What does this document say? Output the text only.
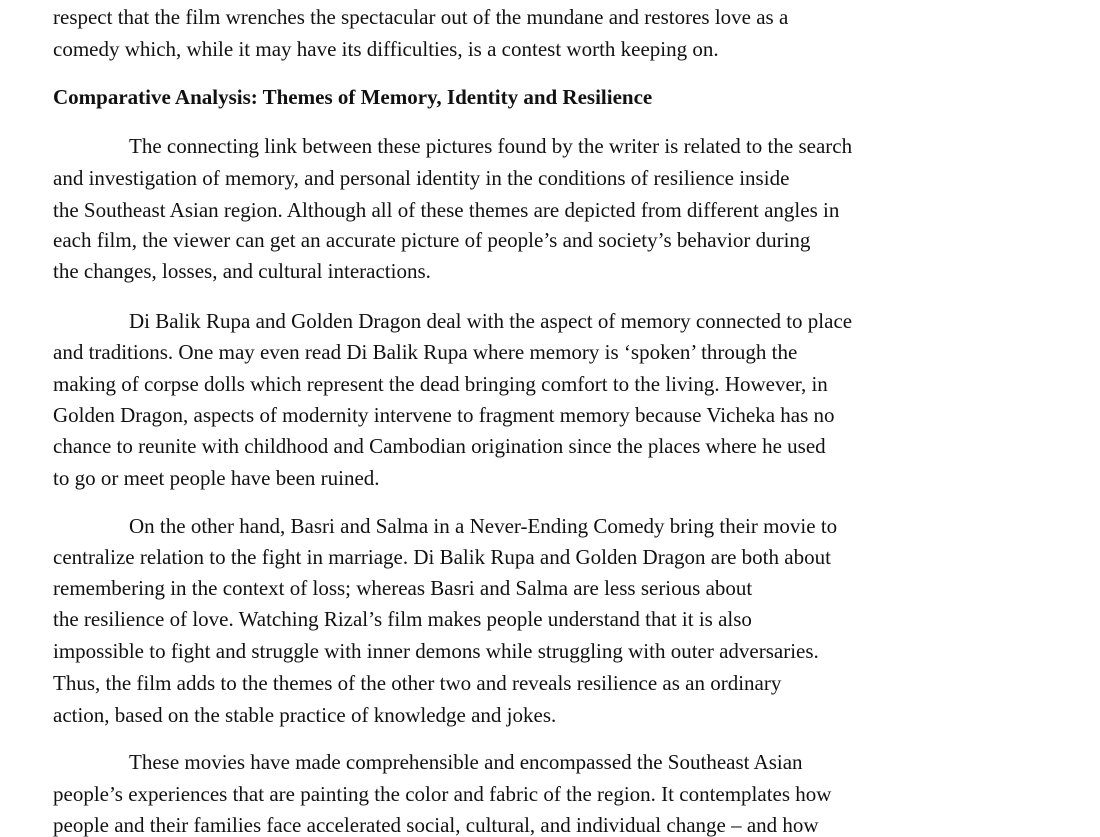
respect that the film wrenches the spectacular out of the mundane and restores love as a
comedy which, while it may have its difficulties, is a contest worth keeping on.
Comparative Analysis: Themes of Memory, Identity and Resilience
The connecting link between these pictures found by the writer is related to the search
and investigation of memory, and personal identity in the conditions of resilience inside
the Southeast Asian region. Although all of these themes are depicted from different angles in
each film, the viewer can get an accurate picture of people’s and society’s behavior during
the changes, losses, and cultural interactions.
Di Balik Rupa and Golden Dragon deal with the aspect of memory connected to place
and traditions. One may even read Di Balik Rupa where memory is ‘spoken’ through the
making of corpse dolls which represent the dead bringing comfort to the living. However, in
Golden Dragon, aspects of modernity intervene to fragment memory because Vicheka has no
chance to reunite with childhood and Cambodian origination since the places where he used
to go or meet people have been ruined.
On the other hand, Basri and Salma in a Never-Ending Comedy bring their movie to
centralize relation to the fight in marriage. Di Balik Rupa and Golden Dragon are both about
remembering in the context of loss; whereas Basri and Salma are less serious about
the resilience of love. Watching Rizal’s film makes people understand that it is also
impossible to fight and struggle with inner demons while struggling with outer adversaries.
Thus, the film adds to the themes of the other two and reveals resilience as an ordinary
action, based on the stable practice of knowledge and jokes.
These movies have made comprehensible and encompassed the Southeast Asian
people’s experiences that are painting the color and fabric of the region. It contemplates how
people and their families face accelerated social, cultural, and individual change – and how
